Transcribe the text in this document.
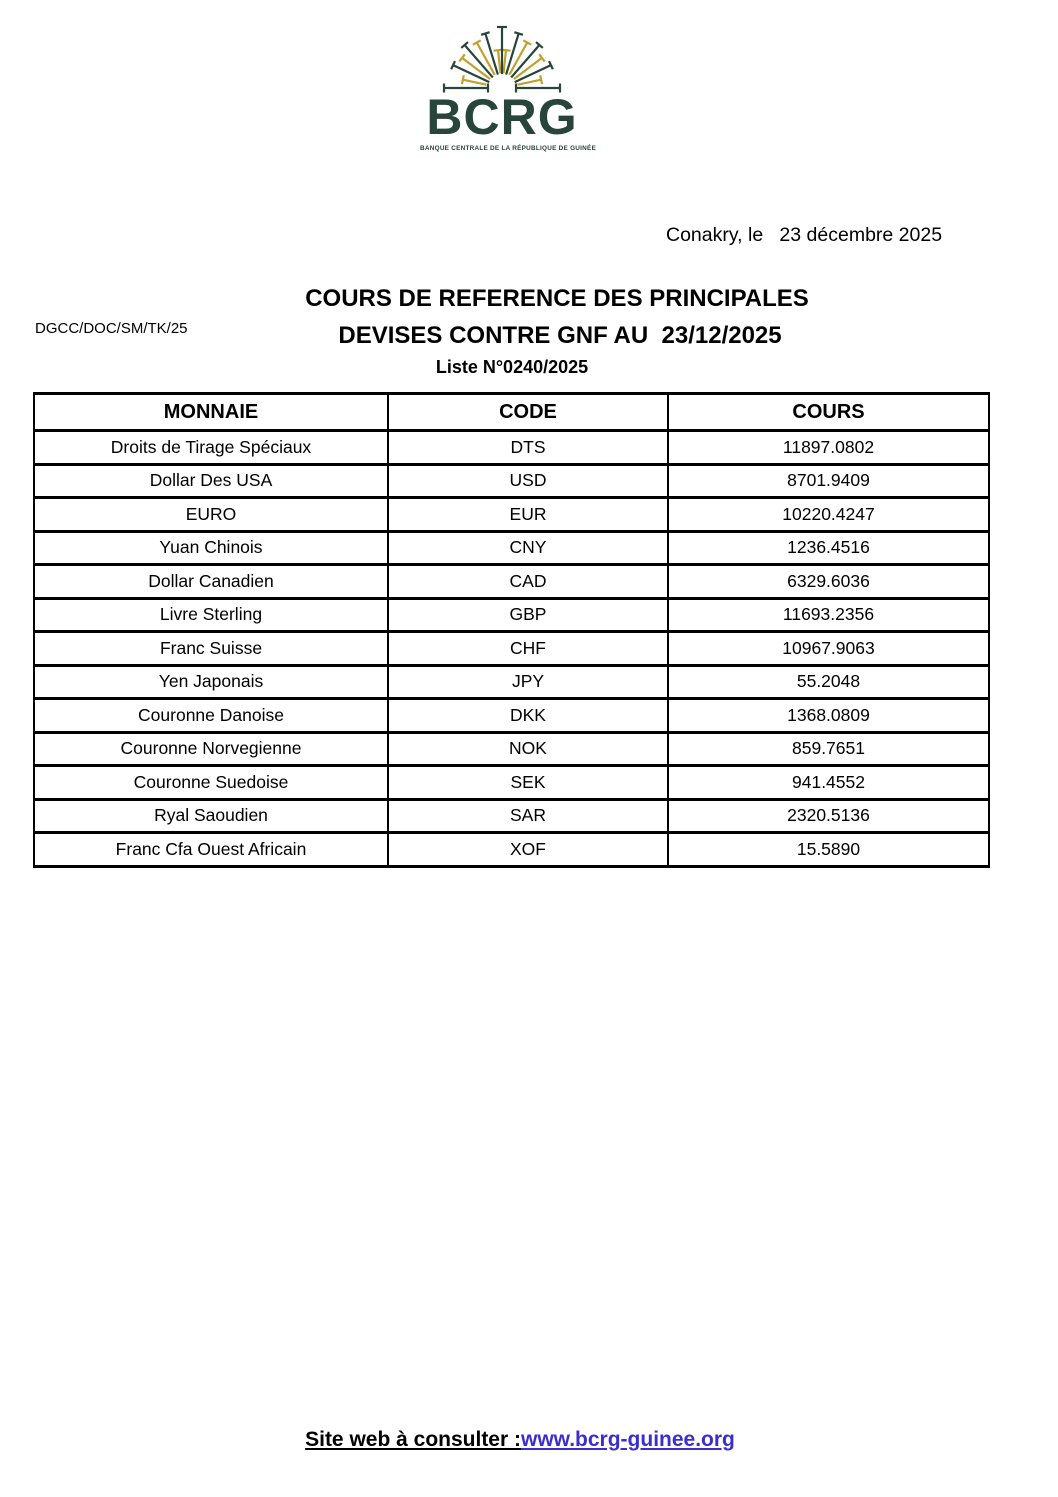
BCRG
BANQUE CENTRALE DE LA RÉPUBLIQUE DE GUINÉE
Conakry, le   23 décembre 2025
DGCC/DOC/SM/TK/25
COURS DE REFERENCE DES PRINCIPALES
DEVISES CONTRE GNF AU  23/12/2025
Liste N°0240/2025
MONNAIE	CODE	COURS
Droits de Tirage Spéciaux	DTS	11897.0802
Dollar Des USA	USD	8701.9409
EURO	EUR	10220.4247
Yuan Chinois	CNY	1236.4516
Dollar Canadien	CAD	6329.6036
Livre Sterling	GBP	11693.2356
Franc Suisse	CHF	10967.9063
Yen Japonais	JPY	55.2048
Couronne Danoise	DKK	1368.0809
Couronne Norvegienne	NOK	859.7651
Couronne Suedoise	SEK	941.4552
Ryal Saoudien	SAR	2320.5136
Franc Cfa Ouest Africain	XOF	15.5890
Site web à consulter :www.bcrg-guinee.org
